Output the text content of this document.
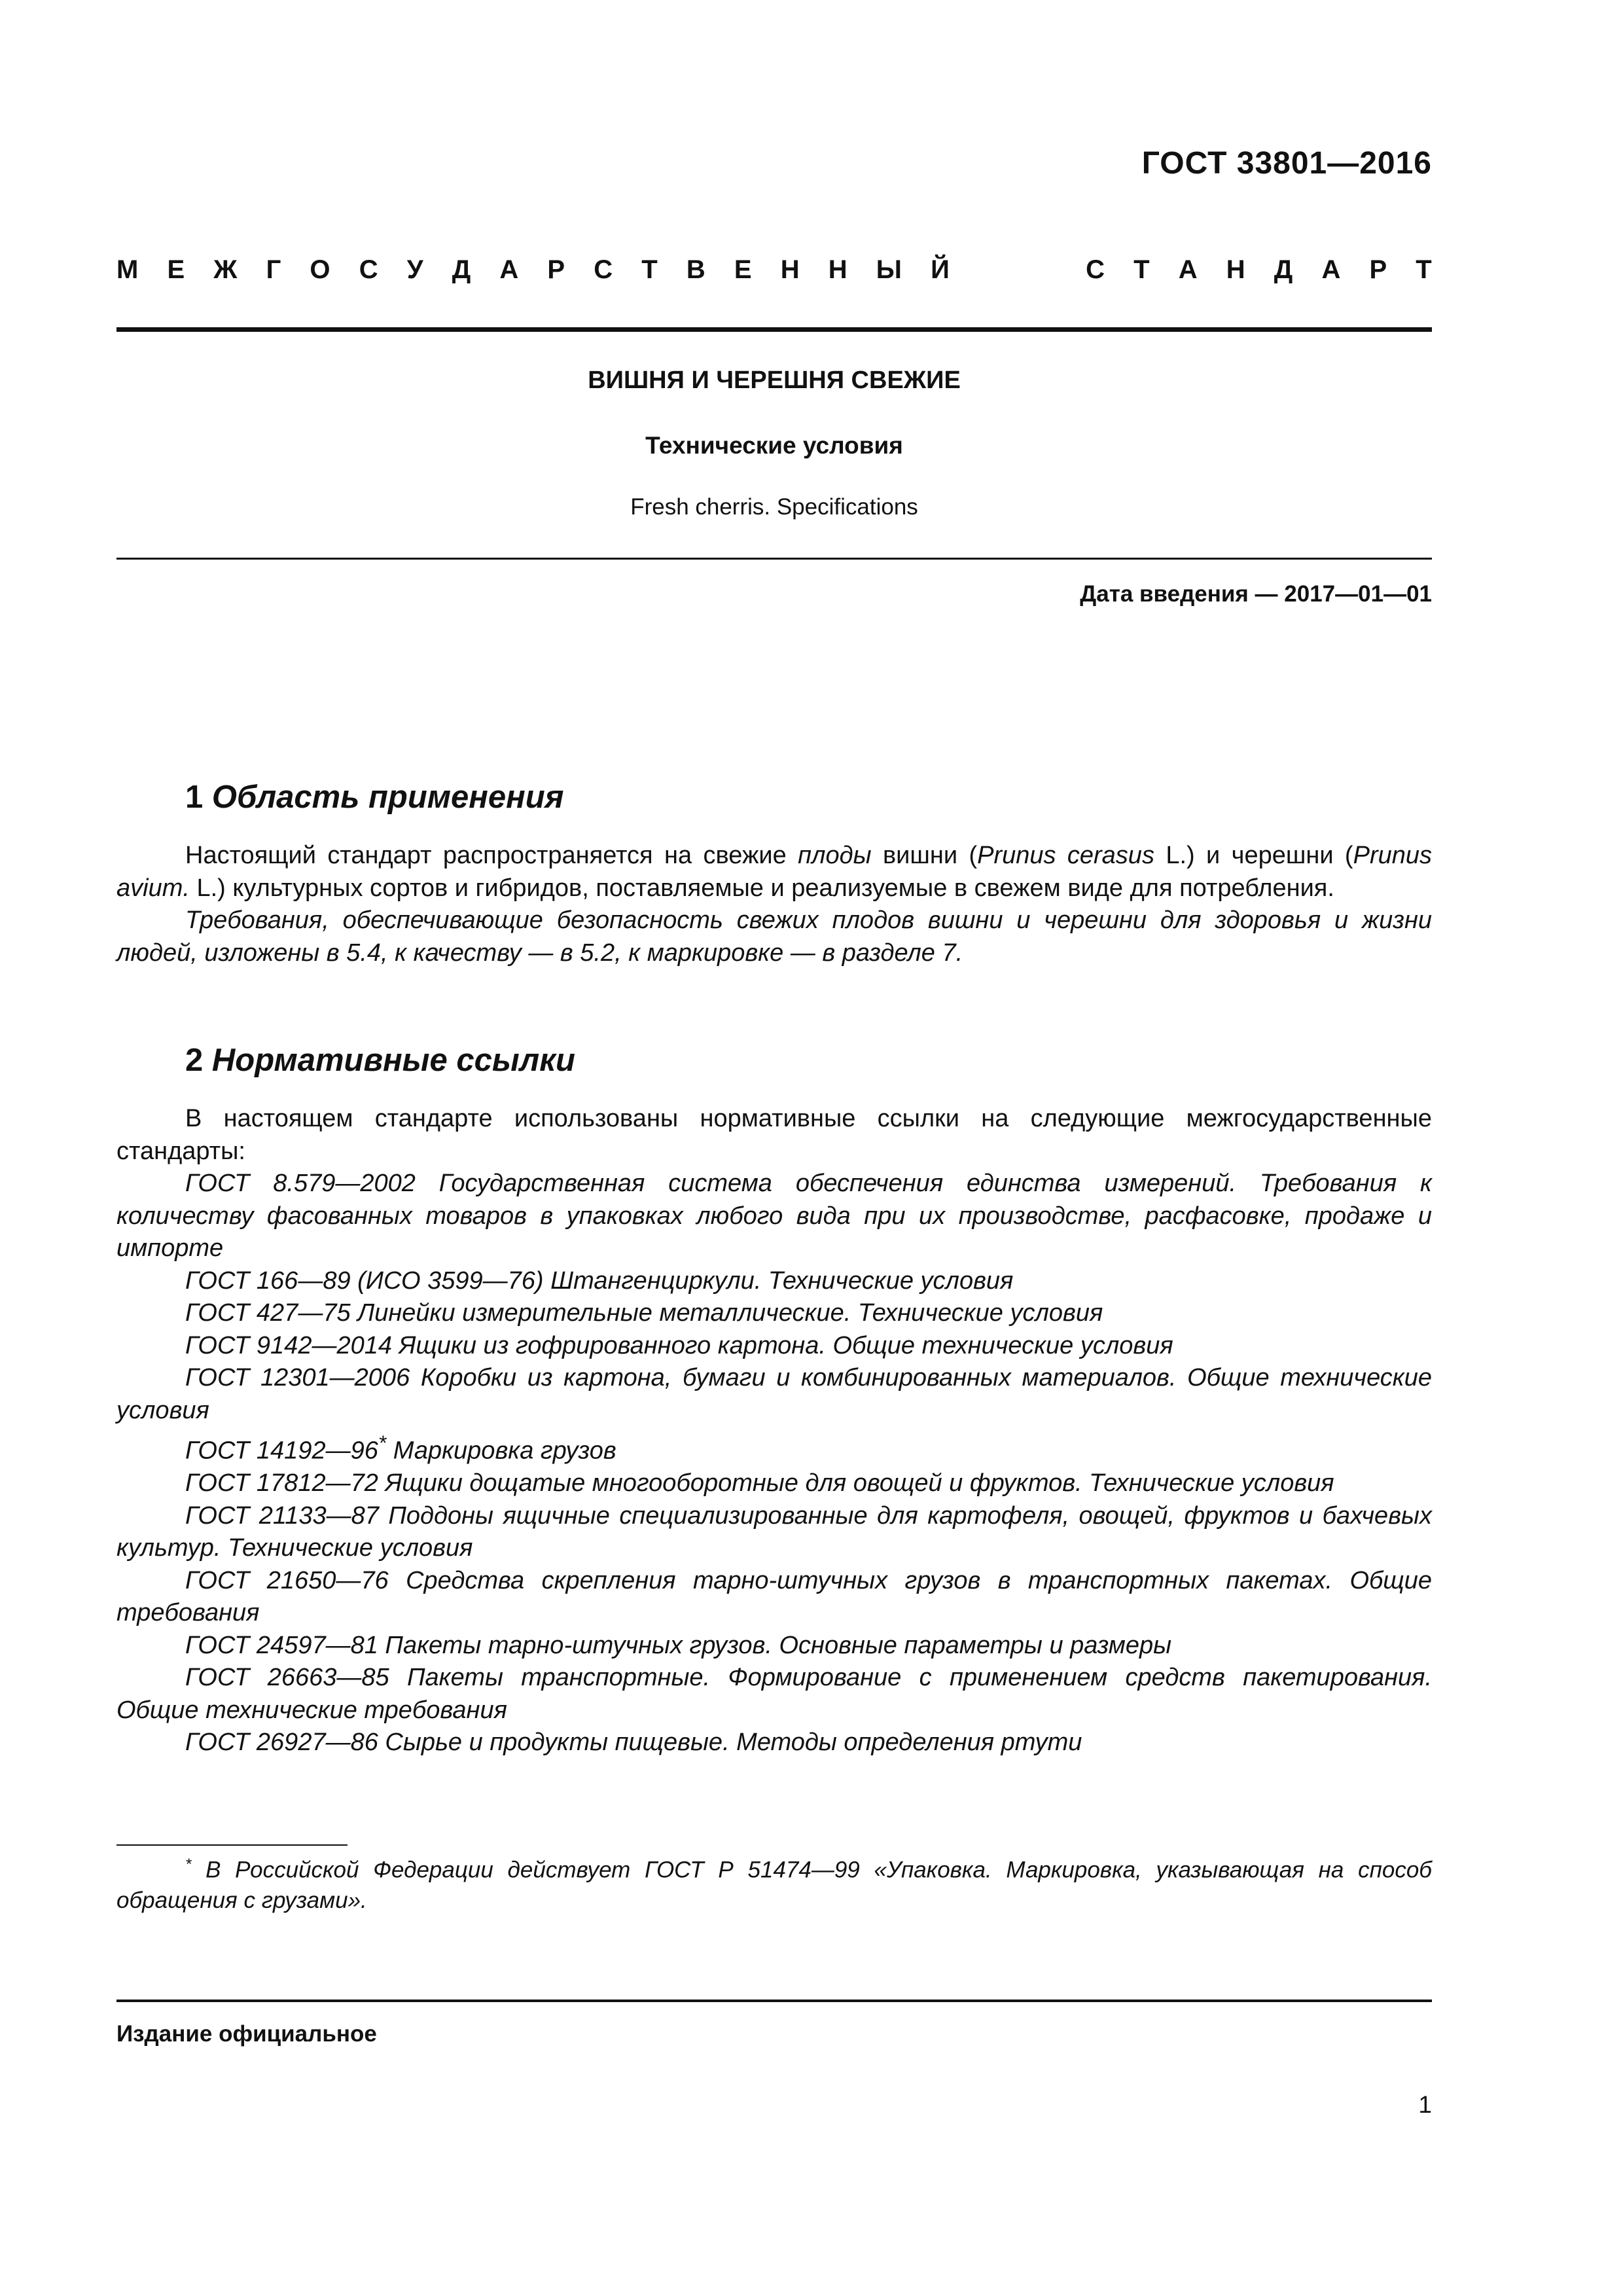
ГОСТ 33801—2016
М Е Ж Г О С У Д А Р С Т В Е Н Н Ы Й	С Т А Н Д А Р Т
ВИШНЯ И ЧЕРЕШНЯ СВЕЖИЕ
Технические условия
Fresh cherris. Specifications
Дата введения — 2017—01—01
1 Область применения

Настоящий стандарт распространяется на свежие плоды вишни (Prunus cerasus L.) и черешни (Prunus avium. L.) культурных сортов и гибридов, поставляемые и реализуемые в свежем виде для потребления.

Требования, обеспечивающие безопасность свежих плодов вишни и черешни для здоровья и жизни людей, изложены в 5.4, к качеству — в 5.2, к маркировке — в разделе 7.

2 Нормативные ссылки

В настоящем стандарте использованы нормативные ссылки на следующие межгосударственные стандарты:

ГОСТ 8.579—2002 Государственная система обеспечения единства измерений. Требования к количеству фасованных товаров в упаковках любого вида при их производстве, расфасовке, продаже и импорте

ГОСТ 166—89 (ИСО 3599—76) Штангенциркули. Технические условия

ГОСТ 427—75 Линейки измерительные металлические. Технические условия

ГОСТ 9142—2014 Ящики из гофрированного картона. Общие технические условия

ГОСТ 12301—2006 Коробки из картона, бумаги и комбинированных материалов. Общие технические условия

ГОСТ 14192—96* Маркировка грузов

ГОСТ 17812—72 Ящики дощатые многооборотные для овощей и фруктов. Технические условия

ГОСТ 21133—87 Поддоны ящичные специализированные для картофеля, овощей, фруктов и бахчевых культур. Технические условия

ГОСТ 21650—76 Средства скрепления тарно-штучных грузов в транспортных пакетах. Общие требования

ГОСТ 24597—81 Пакеты тарно-штучных грузов. Основные параметры и размеры

ГОСТ 26663—85 Пакеты транспортные. Формирование с применением средств пакетирования. Общие технические требования

ГОСТ 26927—86 Сырье и продукты пищевые. Методы определения ртути

* В Российской Федерации действует ГОСТ Р 51474—99 «Упаковка. Маркировка, указывающая на способ обращения с грузами».
Издание официальное
1
